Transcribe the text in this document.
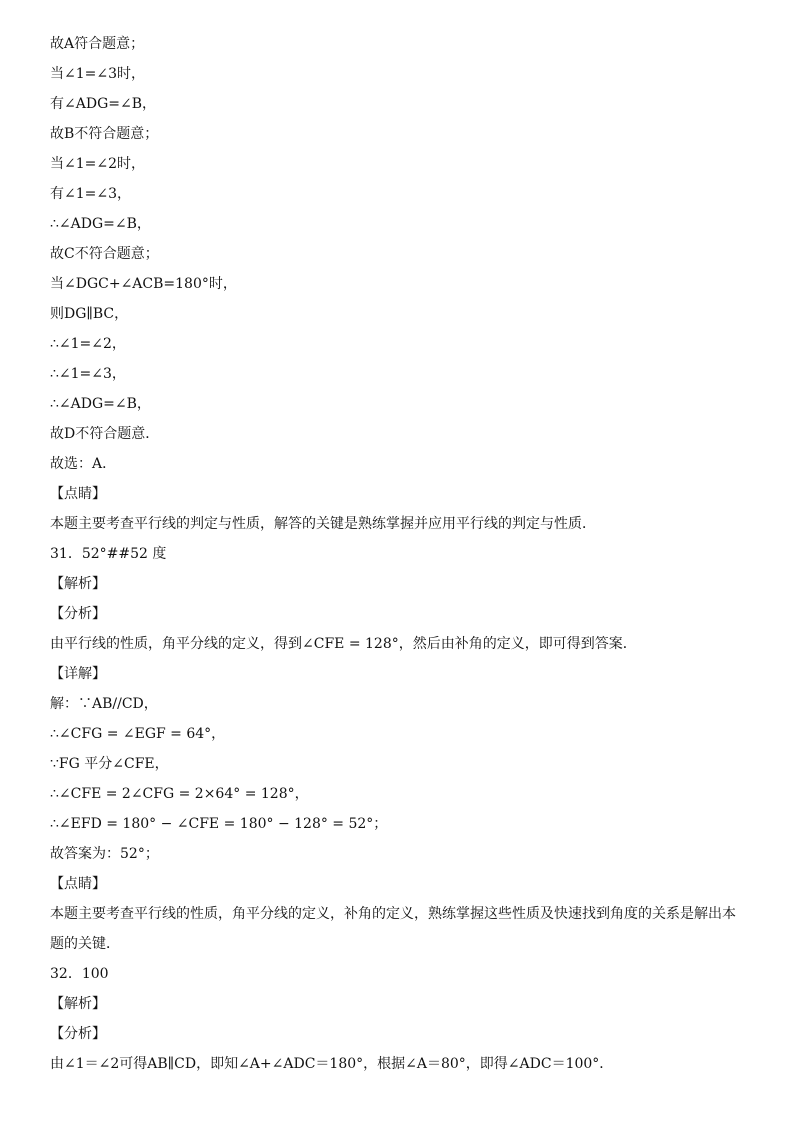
故A符合题意；
当∠1=∠3时，
有∠ADG=∠B，
故B不符合题意；
当∠1=∠2时，
有∠1=∠3，
∴∠ADG=∠B，
故C不符合题意；
当∠DGC+∠ACB=180°时，
则DG∥BC，
∴∠1=∠2，
∴∠1=∠3，
∴∠ADG=∠B，
故D不符合题意．
故选：A．
【点睛】
本题主要考查平行线的判定与性质，解答的关键是熟练掌握并应用平行线的判定与性质．
31．52°##52 度
【解析】
【分析】
由平行线的性质，角平分线的定义，得到∠CFE = 128°，然后由补角的定义，即可得到答案．
【详解】
解：∵AB//CD，
∴∠CFG = ∠EGF = 64°，
∵FG 平分∠CFE，
∴∠CFE = 2∠CFG = 2×64° = 128°，
∴∠EFD = 180° − ∠CFE = 180° − 128° = 52°；
故答案为：52°；
【点睛】
本题主要考查平行线的性质，角平分线的定义，补角的定义，熟练掌握这些性质及快速找到角度的关系是解出本
题的关键．
32．100
【解析】
【分析】
由∠1＝∠2可得AB∥CD，即知∠A+∠ADC＝180°，根据∠A＝80°，即得∠ADC＝100°．
